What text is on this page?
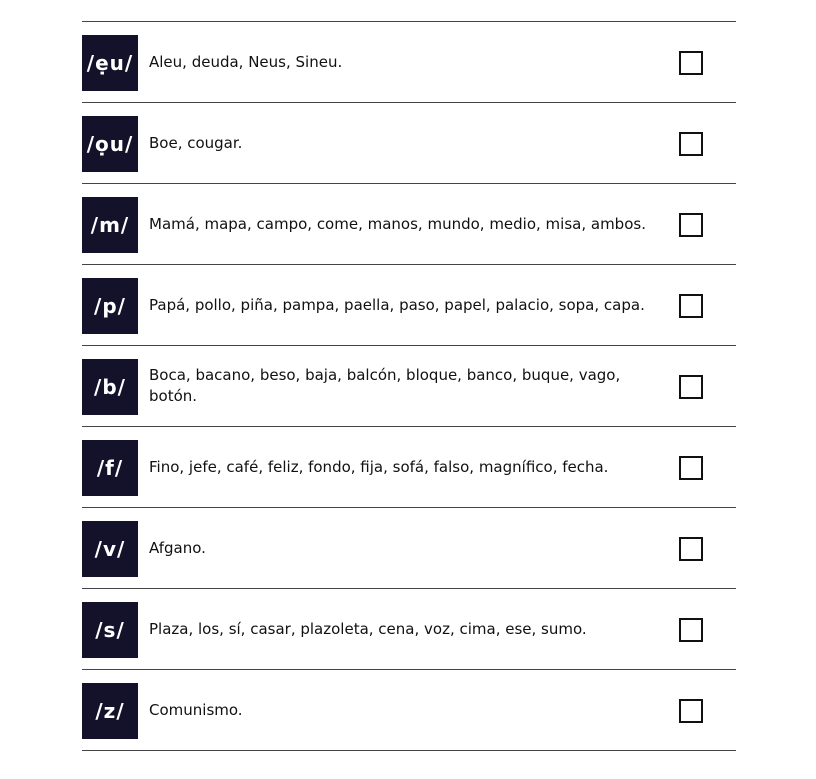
/ẹu/	Aleu, deuda, Neus, Sineu.
/ọu/	Boe, cougar.
/m/	Mamá, mapa, campo, come, manos, mundo, medio, misa, ambos.
/p/	Papá, pollo, piña, pampa, paella, paso, papel, palacio, sopa, capa.
/b/	Boca, bacano, beso, baja, balcón, bloque, banco, buque, vago, botón.
/f/	Fino, jefe, café, feliz, fondo, fija, sofá, falso, magnífico, fecha.
/v/	Afgano.
/s/	Plaza, los, sí, casar, plazoleta, cena, voz, cima, ese, sumo.
/z/	Comunismo.
